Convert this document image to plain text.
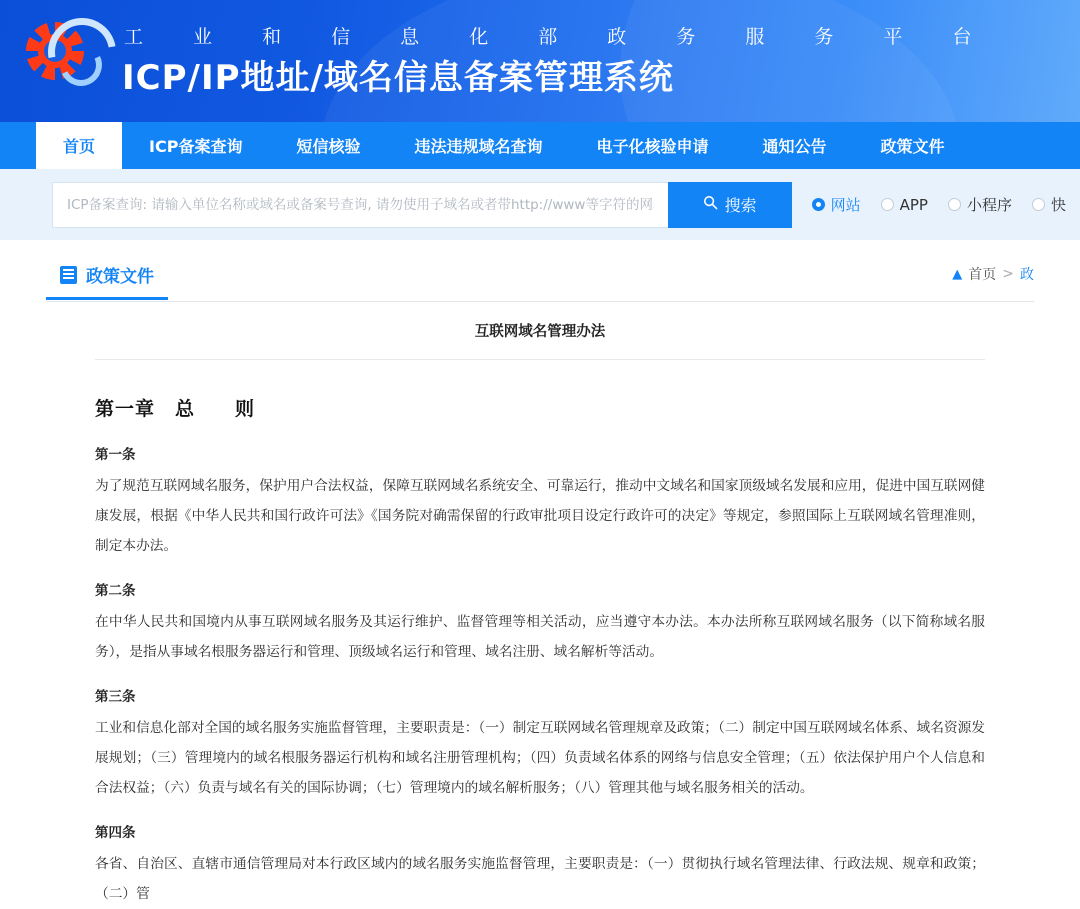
工 业 和 信 息 化 部 政 务 服 务 平 台
ICP/IP地址/域名信息备案管理系统
首页	ICP备案查询	短信核验	违法违规域名查询	电子化核验申请	通知公告	政策文件
ICP备案查询: 请输入单位名称或域名或备案号查询, 请勿使用子域名或者带http://www等字符的网址查询
搜索	网站	APP	小程序	快
政策文件	▲ 首页 > 政
互联网域名管理办法
第一章　总　　则
第一条
为了规范互联网域名服务，保护用户合法权益，保障互联网域名系统安全、可靠运行，推动中文域名和国家顶级域名发展和应用，促进中国互联网健康发展，根据《中华人民共和国行政许可法》《国务院对确需保留的行政审批项目设定行政许可的决定》等规定，参照国际上互联网域名管理准则，制定本办法。
第二条
在中华人民共和国境内从事互联网域名服务及其运行维护、监督管理等相关活动，应当遵守本办法。本办法所称互联网域名服务（以下简称域名服务），是指从事域名根服务器运行和管理、顶级域名运行和管理、域名注册、域名解析等活动。
第三条
工业和信息化部对全国的域名服务实施监督管理，主要职责是：（一）制定互联网域名管理规章及政策；（二）制定中国互联网域名体系、域名资源发展规划；（三）管理境内的域名根服务器运行机构和域名注册管理机构；（四）负责域名体系的网络与信息安全管理；（五）依法保护用户个人信息和合法权益；（六）负责与域名有关的国际协调；（七）管理境内的域名解析服务；（八）管理其他与域名服务相关的活动。
第四条
各省、自治区、直辖市通信管理局对本行政区域内的域名服务实施监督管理，主要职责是：（一）贯彻执行域名管理法律、行政法规、规章和政策；（二）管
